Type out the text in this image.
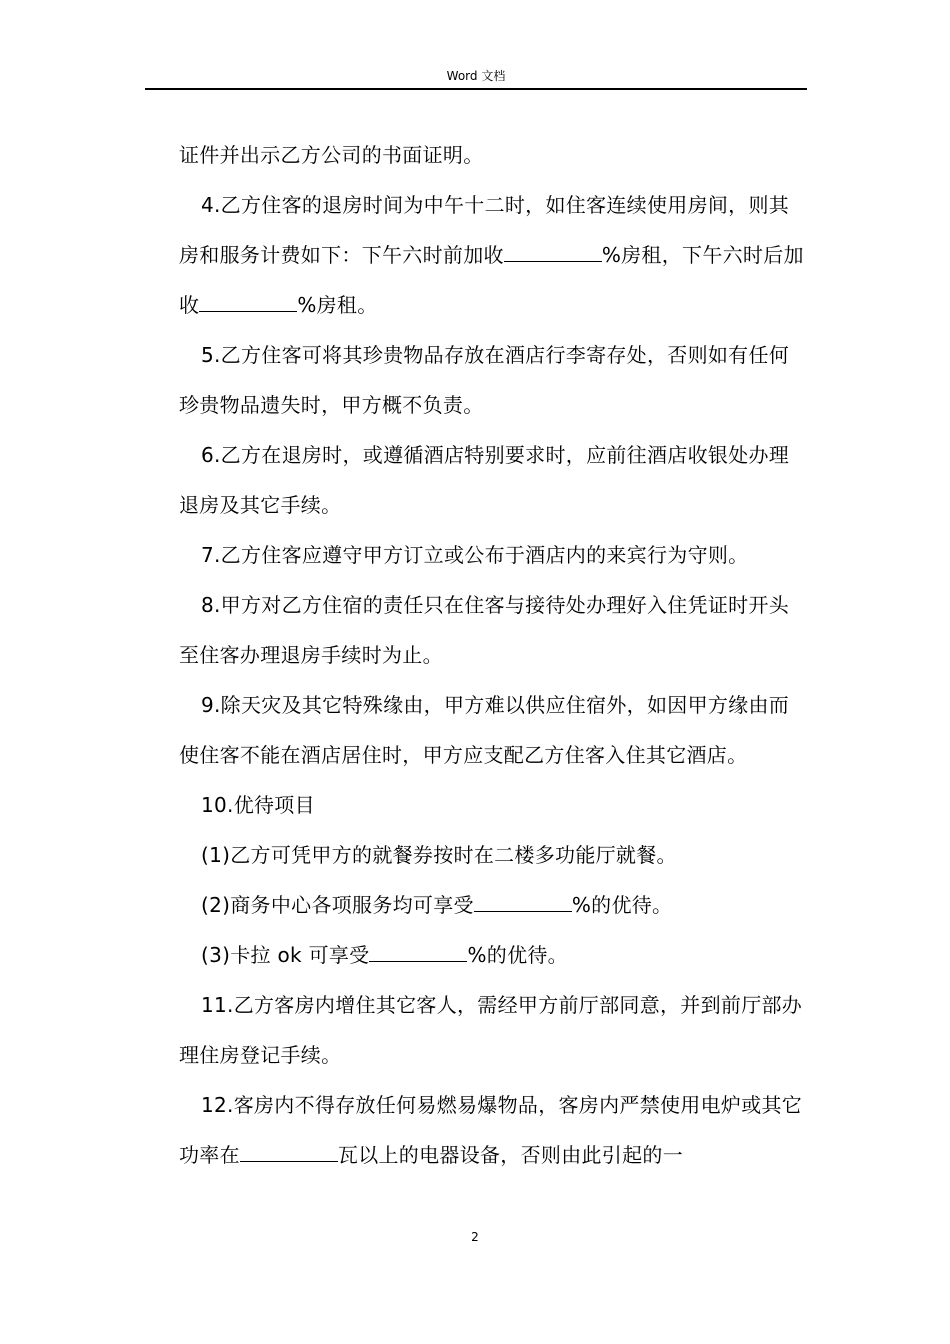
Word 文档

证件并出示乙方公司的书面证明。

4.乙方住客的退房时间为中午十二时，如住客连续使用房间，则其房和服务计费如下：下午六时前加收	%房租，下午六时后加收	%房租。

5.乙方住客可将其珍贵物品存放在酒店行李寄存处，否则如有任何珍贵物品遗失时，甲方概不负责。

6.乙方在退房时，或遵循酒店特别要求时，应前往酒店收银处办理退房及其它手续。

7.乙方住客应遵守甲方订立或公布于酒店内的来宾行为守则。

8.甲方对乙方住宿的责任只在住客与接待处办理好入住凭证时开头至住客办理退房手续时为止。

9.除天灾及其它特殊缘由，甲方难以供应住宿外，如因甲方缘由而使住客不能在酒店居住时，甲方应支配乙方住客入住其它酒店。

10.优待项目

(1)乙方可凭甲方的就餐券按时在二楼多功能厅就餐。

(2)商务中心各项服务均可享受	%的优待。

(3)卡拉 ok 可享受	%的优待。

11.乙方客房内增住其它客人，需经甲方前厅部同意，并到前厅部办理住房登记手续。

12.客房内不得存放任何易燃易爆物品，客房内严禁使用电炉或其它功率在	瓦以上的电器设备，否则由此引起的一

2
